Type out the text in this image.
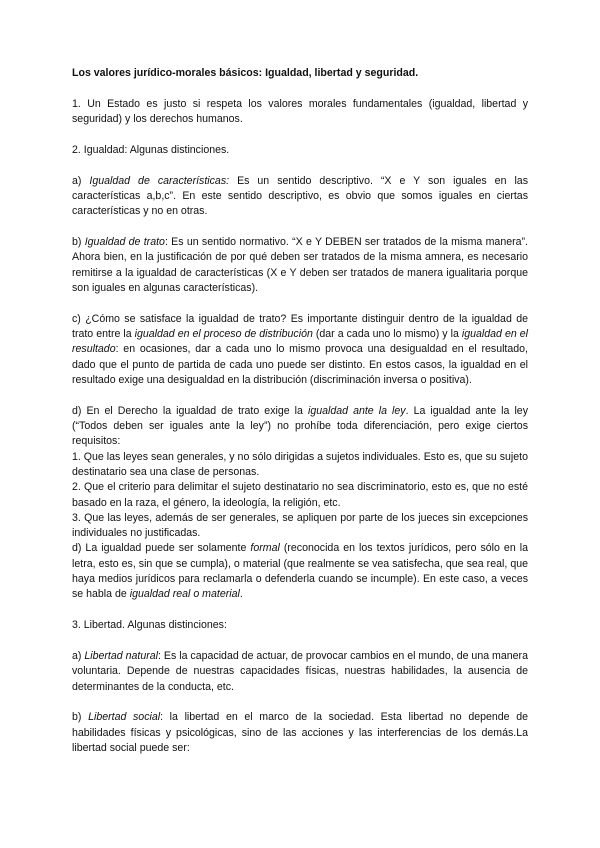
Los valores jurídico-morales básicos: Igualdad, libertad y seguridad.

1. Un Estado es justo si respeta los valores morales fundamentales (igualdad, libertad y seguridad) y los derechos humanos.

2. Igualdad: Algunas distinciones.

a) Igualdad de características: Es un sentido descriptivo. “X e Y son iguales en las características a,b,c”. En este sentido descriptivo, es obvio que somos iguales en ciertas características y no en otras.

b) Igualdad de trato: Es un sentido normativo. “X e Y DEBEN ser tratados de la misma manera”. Ahora bien, en la justificación de por qué deben ser tratados de la misma amnera, es necesario remitirse a la igualdad de características (X e Y deben ser tratados de manera igualitaria porque son iguales en algunas características).

c) ¿Cómo se satisface la igualdad de trato? Es importante distinguir dentro de la igualdad de trato entre la igualdad en el proceso de distribución (dar a cada uno lo mismo) y la igualdad en el resultado: en ocasiones, dar a cada uno lo mismo provoca una desigualdad en el resultado, dado que el punto de partida de cada uno puede ser distinto. En estos casos, la igualdad en el resultado exige una desigualdad en la distribución (discriminación inversa o positiva).

d) En el Derecho la igualdad de trato exige la igualdad ante la ley. La igualdad ante la ley (“Todos deben ser iguales ante la ley”) no prohíbe toda diferenciación, pero exige ciertos requisitos:

1. Que las leyes sean generales, y no sólo dirigidas a sujetos individuales. Esto es, que su sujeto destinatario sea una clase de personas.

2. Que el criterio para delimitar el sujeto destinatario no sea discriminatorio, esto es, que no esté basado en la raza, el género, la ideología, la religión, etc.

3. Que las leyes, además de ser generales, se apliquen por parte de los jueces sin excepciones individuales no justificadas.

d) La igualdad puede ser solamente formal (reconocida en los textos jurídicos, pero sólo en la letra, esto es, sin que se cumpla), o material (que realmente se vea satisfecha, que sea real, que haya medios jurídicos para reclamarla o defenderla cuando se incumple). En este caso, a veces se habla de igualdad real o material.

3. Libertad. Algunas distinciones:

a) Libertad natural: Es la capacidad de actuar, de provocar cambios en el mundo, de una manera voluntaria. Depende de nuestras capacidades físicas, nuestras habilidades, la ausencia de determinantes de la conducta, etc.

b) Libertad social: la libertad en el marco de la sociedad. Esta libertad no depende de habilidades físicas y psicológicas, sino de las acciones y las interferencias de los demás.La libertad social puede ser:
